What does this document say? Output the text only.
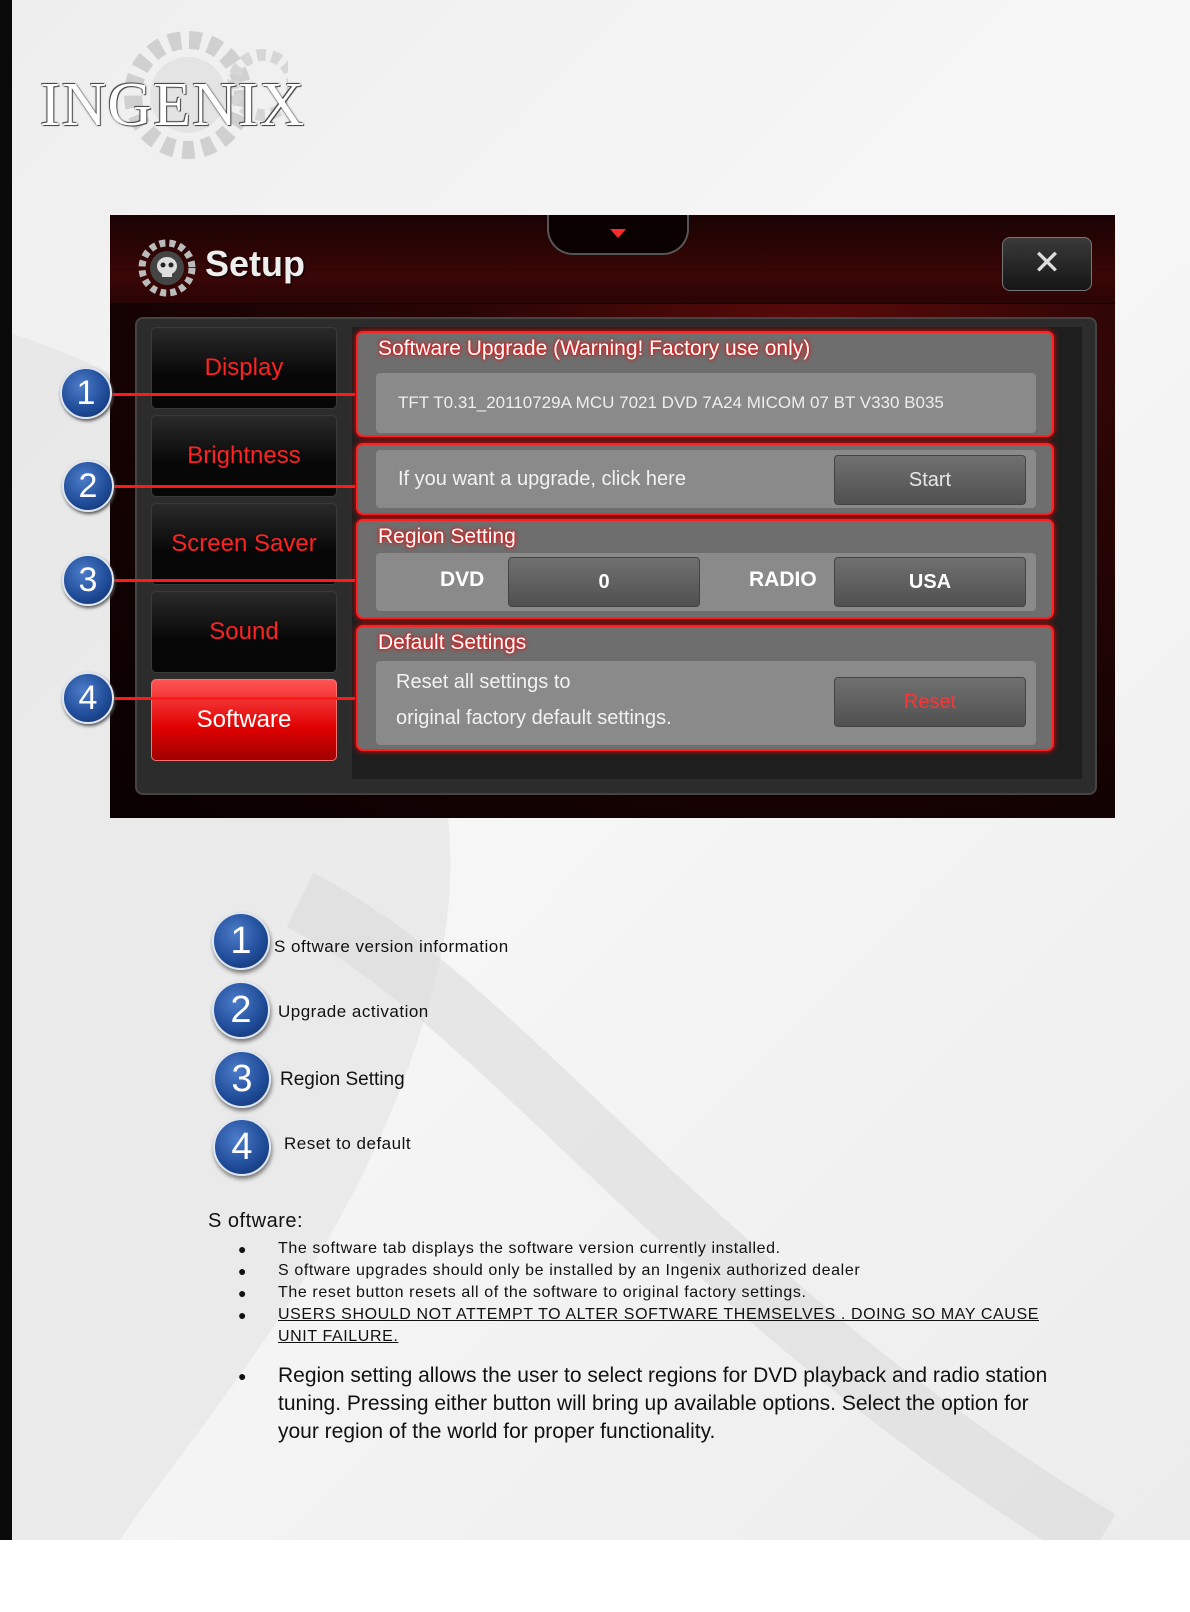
INGENIX
Setup	✕
Display
Brightness
Screen Saver
Sound
Software
Software Upgrade (Warning! Factory use only)
TFT T0.31_20110729A MCU 7021 DVD 7A24 MICOM 07 BT V330 B035
If you want a upgrade, click here	Start
Region Setting
DVD	0	RADIO	USA
Default Settings
Reset all settings to
original factory default settings.
Reset
1
2
3
4
1	S oftware version information
2	Upgrade activation
3	Region Setting
4	Reset to default
S oftware:
● The software tab displays the software version currently installed.
● S oftware upgrades should only be installed by an Ingenix authorized dealer
● The reset button resets all of the software to original factory settings.
● USERS SHOULD NOT ATTEMPT TO ALTER SOFTWARE THEMSELVES . DOING SO MAY CAUSE UNIT FAILURE.
● Region setting allows the user to select regions for DVD playback and radio station tuning. Pressing either button will bring up available options. Select the option for your region of the world for proper functionality.
